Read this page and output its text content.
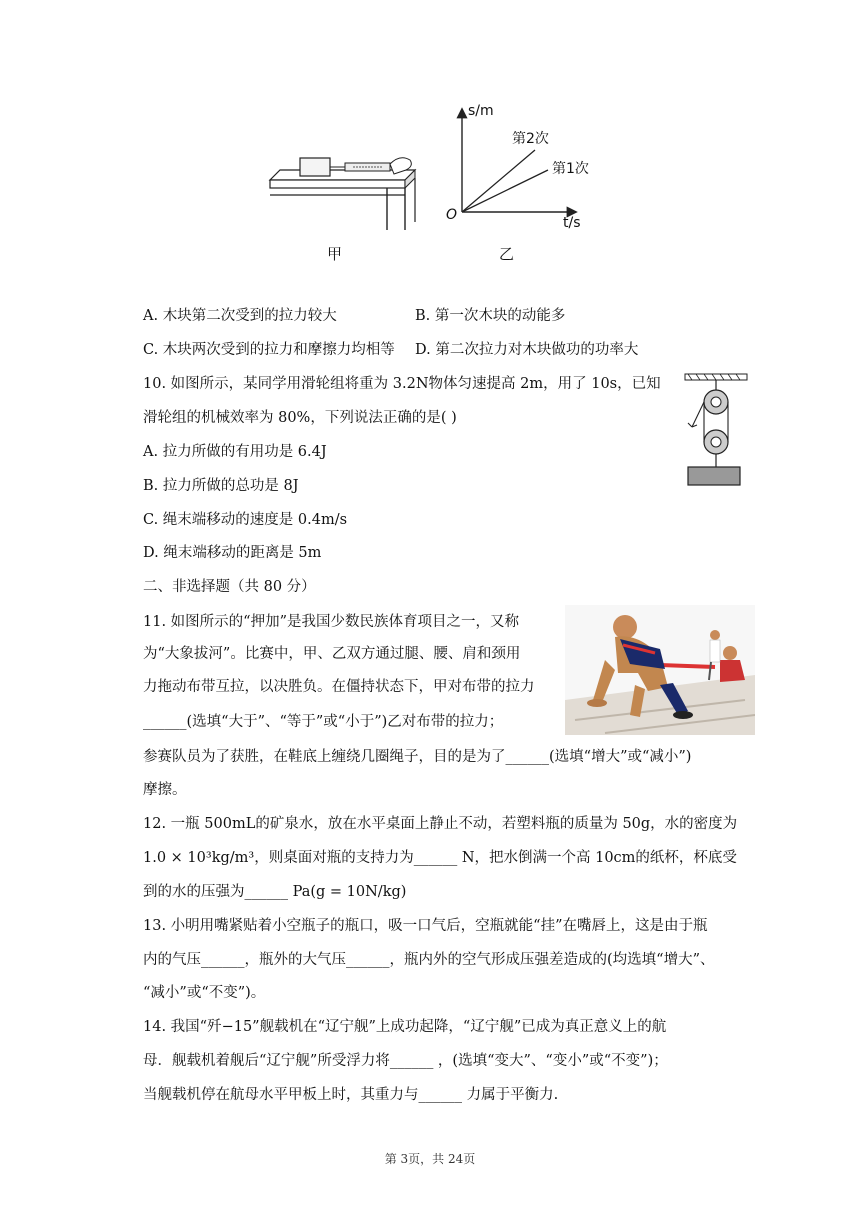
甲
s/m
t/s
O
第2次
第1次
乙
A. 木块第二次受到的拉力较大	B. 第一次木块的动能多
C. 木块两次受到的拉力和摩擦力均相等 D. 第二次拉力对木块做功的功率大
10. 如图所示，某同学用滑轮组将重为 3.2N物体匀速提高 2m，用了 10s，已知
滑轮组的机械效率为 80%，下列说法正确的是( )
A. 拉力所做的有用功是 6.4J
B. 拉力所做的总功是 8J
C. 绳末端移动的速度是 0.4m/s
D. 绳末端移动的距离是 5m
二、非选择题（共 80 分）
11. 如图所示的“押加”是我国少数民族体育项目之一，又称
为“大象拔河”。比赛中，甲、乙双方通过腿、腰、肩和颈用
力拖动布带互拉，以决胜负。在僵持状态下，甲对布带的拉力
______(选填“大于”、“等于”或“小于”)乙对布带的拉力；
参赛队员为了获胜，在鞋底上缠绕几圈绳子，目的是为了______(选填“增大”或“减小”)
摩擦。
12. 一瓶 500mL的矿泉水，放在水平桌面上静止不动，若塑料瓶的质量为 50g，水的密度为
1.0 × 10³kg/m³，则桌面对瓶的支持力为______ N，把水倒满一个高 10cm的纸杯，杯底受
到的水的压强为______ Pa(g = 10N/kg)
13. 小明用嘴紧贴着小空瓶子的瓶口，吸一口气后，空瓶就能“挂”在嘴唇上，这是由于瓶
内的气压______，瓶外的大气压______，瓶内外的空气形成压强差造成的(均选填“增大”、
“减小”或“不变”)。
14. 我国“歼−15”舰载机在“辽宁舰”上成功起降，“辽宁舰”已成为真正意义上的航
母．舰载机着舰后“辽宁舰”所受浮力将______ ，(选填“变大”、“变小”或“不变”)；
当舰载机停在航母水平甲板上时，其重力与______ 力属于平衡力.
第 3页，共 24页
